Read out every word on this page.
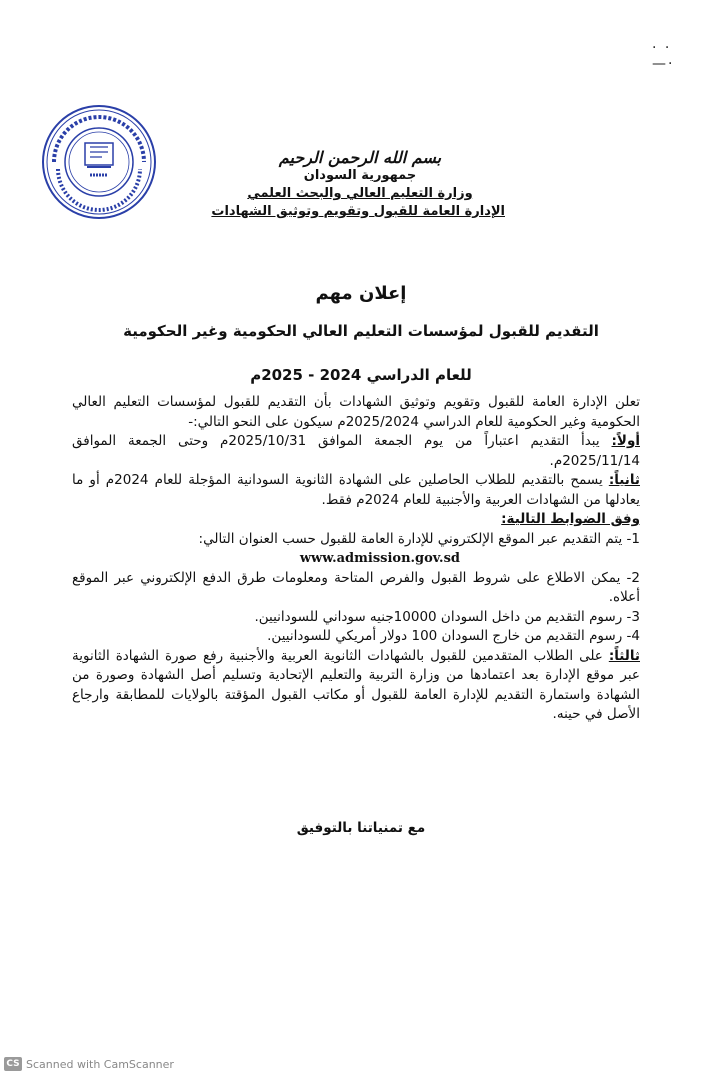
· ·
—·
بسم الله الرحمن الرحيم
جمهورية السودان
وزارة التعليم العالي والبحث العلمي
الإدارة العامة للقبول وتقويم وتوثيق الشهادات
إعلان مهم
التقديم للقبول لمؤسسات التعليم العالي الحكومية وغير الحكومية
للعام الدراسي 2024 - 2025م

تعلن الإدارة العامة للقبول وتقويم وتوثيق الشهادات بأن التقديم للقبول لمؤسسات التعليم العالي الحكومية وغير الحكومية للعام الدراسي 2025/2024م سيكون على النحو التالي:-

أولاً: يبدأ التقديم اعتباراً من يوم الجمعة الموافق 2025/10/31م وحتى الجمعة الموافق 2025/11/14م.

ثانياً: يسمح بالتقديم للطلاب الحاصلين على الشهادة الثانوية السودانية المؤجلة للعام 2024م أو ما يعادلها من الشهادات العربية والأجنبية للعام 2024م فقط.

وفق الضوابط التالية:

1- يتم التقديم عبر الموقع الإلكتروني للإدارة العامة للقبول حسب العنوان التالي:

www.admission.gov.sd

2- يمكن الاطلاع على شروط القبول والفرص المتاحة ومعلومات طرق الدفع الإلكتروني عبر الموقع أعلاه.

3- رسوم التقديم من داخل السودان 10000جنيه سوداني للسودانيين.

4- رسوم التقديم من خارج السودان 100 دولار أمريكي للسودانيين.

ثالثاً: على الطلاب المتقدمين للقبول بالشهادات الثانوية العربية والأجنبية رفع صورة الشهادة الثانوية عبر موقع الإدارة بعد اعتمادها من وزارة التربية والتعليم الإتحادية وتسليم أصل الشهادة وصورة من الشهادة واستمارة التقديم للإدارة العامة للقبول أو مكاتب القبول المؤقتة بالولايات للمطابقة وارجاع الأصل في حينه.

مع تمنياتنا بالتوفيق
CS Scanned with CamScanner
